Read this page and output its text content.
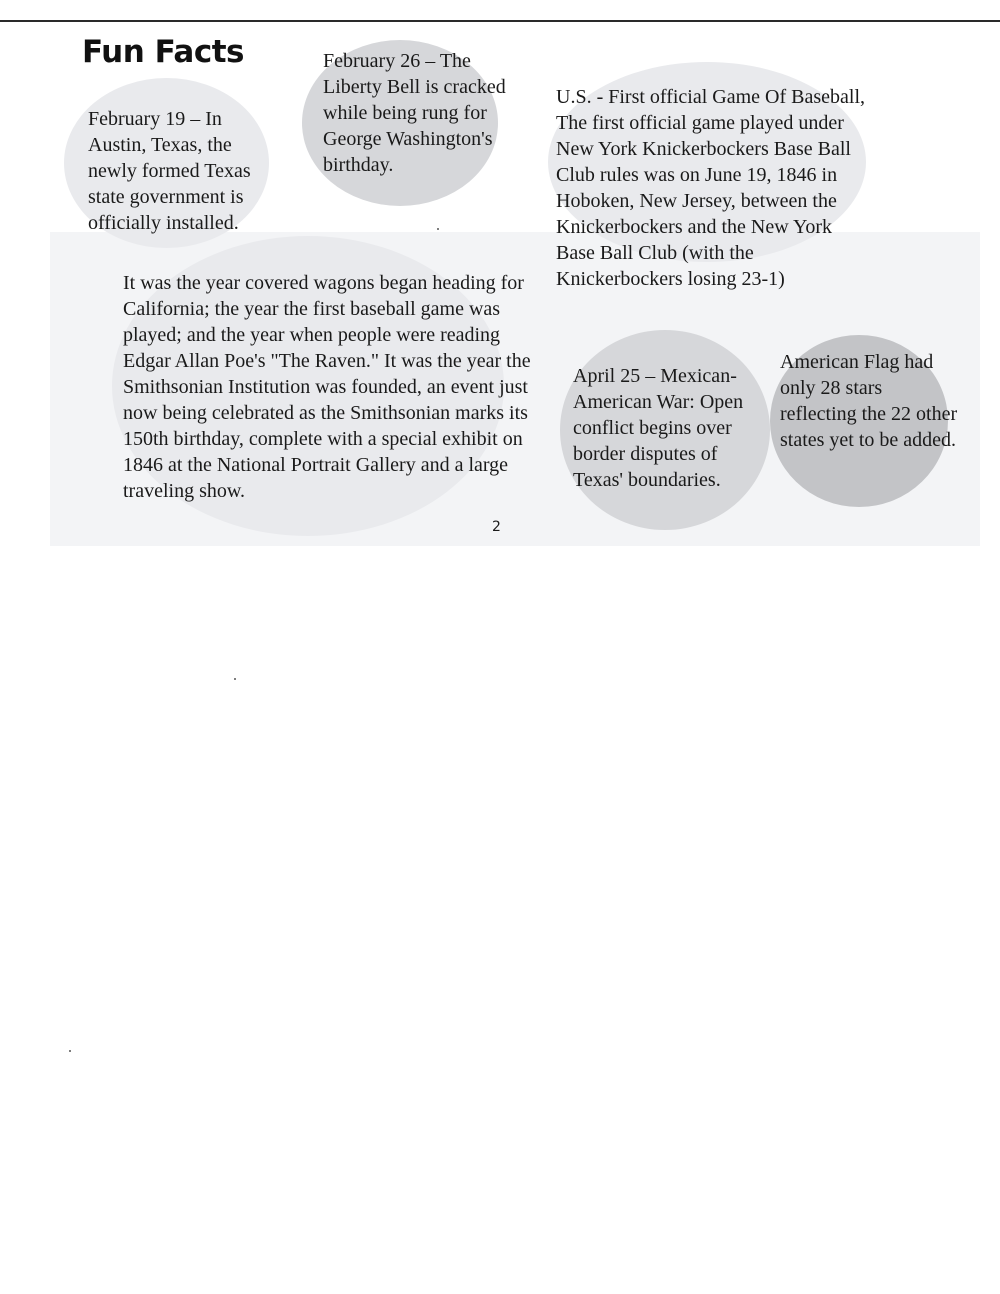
Fun Facts

February 19 – In Austin, Texas, the newly formed Texas state government is officially installed.

February 26 – The Liberty Bell is cracked while being rung for George Washington's birthday.

U.S. - First official Game Of Baseball, The first official game played under New York Knickerbockers Base Ball Club rules was on June 19, 1846 in Hoboken, New Jersey, between the Knickerbockers and the New York Base Ball Club (with the Knickerbockers losing 23-1)

It was the year covered wagons began heading for California; the year the first baseball game was played; and the year when people were reading Edgar Allan Poe's "The Raven." It was the year the Smithsonian Institution was founded, an event just now being celebrated as the Smithsonian marks its 150th birthday, complete with a special exhibit on 1846 at the National Portrait Gallery and a large traveling show.

April 25 – Mexican-American War: Open conflict begins over border disputes of Texas' boundaries.

American Flag had only 28 stars reflecting the 22 other states yet to be added.

2
